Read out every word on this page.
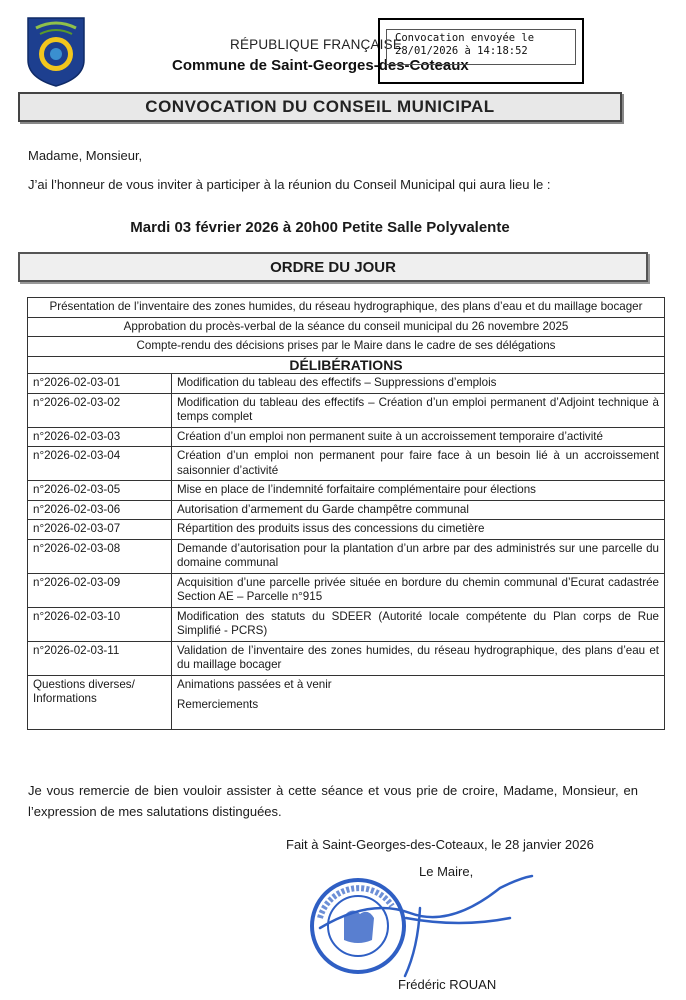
RÉPUBLIQUE FRANÇAISE
Commune de Saint-Georges-des-Coteaux
Convocation envoyée le
28/01/2026 à 14:18:52
CONVOCATION DU CONSEIL MUNICIPAL
Madame, Monsieur,
J’ai l’honneur de vous inviter à participer à la réunion du Conseil Municipal qui aura lieu le :
Mardi 03 février 2026 à 20h00 Petite Salle Polyvalente
ORDRE DU JOUR
Présentation de l’inventaire des zones humides, du réseau hydrographique, des plans d’eau et du maillage bocager	
Approbation du procès-verbal de la séance du conseil municipal du 26 novembre 2025	
Compte-rendu des décisions prises par le Maire dans le cadre de ses délégations	
DÉLIBÉRATIONS	
n°2026-02-03-01	Modification du tableau des effectifs – Suppressions d’emplois
n°2026-02-03-02	Modification du tableau des effectifs – Création d’un emploi permanent d’Adjoint technique à temps complet
n°2026-02-03-03	Création d’un emploi non permanent suite à un accroissement temporaire d’activité
n°2026-02-03-04	Création d’un emploi non permanent pour faire face à un besoin lié à un accroissement saisonnier d’activité
n°2026-02-03-05	Mise en place de l’indemnité forfaitaire complémentaire pour élections
n°2026-02-03-06	Autorisation d’armement du Garde champêtre communal
n°2026-02-03-07	Répartition des produits issus des concessions du cimetière
n°2026-02-03-08	Demande d’autorisation pour la plantation d’un arbre par des administrés sur une parcelle du domaine communal
n°2026-02-03-09	Acquisition d’une parcelle privée située en bordure du chemin communal d’Ecurat cadastrée Section AE – Parcelle n°915
n°2026-02-03-10	Modification des statuts du SDEER (Autorité locale compétente du Plan corps de Rue Simplifié - PCRS)
n°2026-02-03-11	Validation de l’inventaire des zones humides, du réseau hydrographique, des plans d’eau et du maillage bocager
Questions diverses/ Informations	Animations passées et à venir
Remerciements
Je vous remercie de bien vouloir assister à cette séance et vous prie de croire, Madame, Monsieur, en l’expression de mes salutations distinguées.
Fait à Saint-Georges-des-Coteaux, le 28 janvier 2026
Le Maire,
Frédéric ROUAN
